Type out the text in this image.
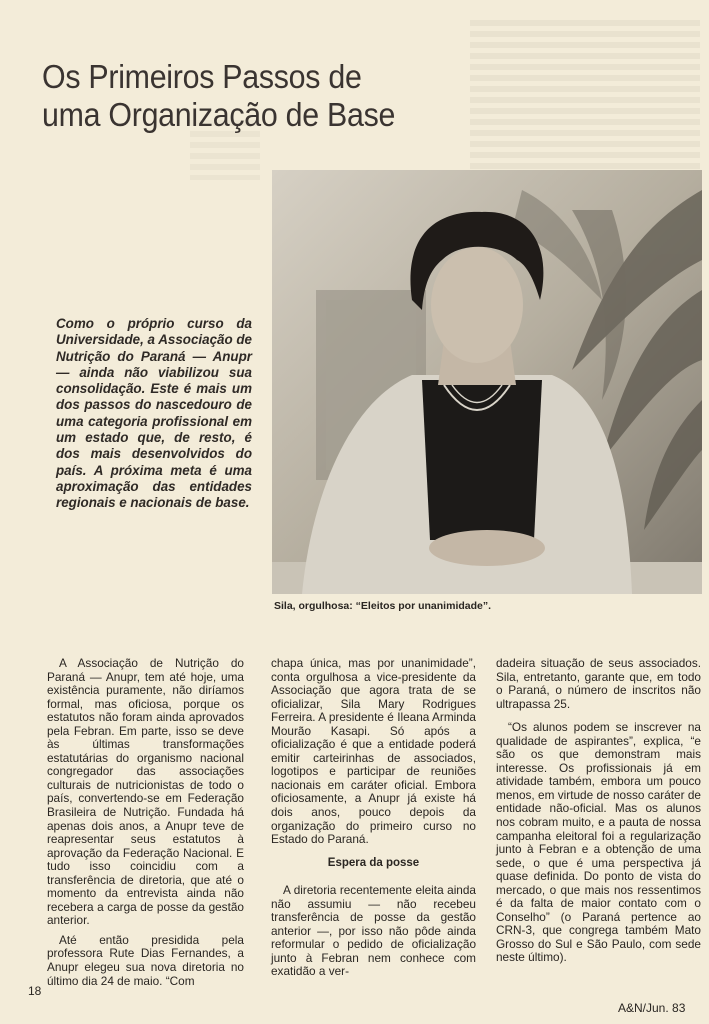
Os Primeiros Passos de
uma Organização de Base
Como o próprio curso da Universidade, a Associação de Nutrição do Paraná — Anupr — ainda não viabilizou sua consolidação. Este é mais um dos passos do nascedouro de uma categoria profissional em um estado que, de resto, é dos mais desenvolvidos do país. A próxima meta é uma aproximação das entidades regionais e nacionais de base.
Sila, orgulhosa: “Eleitos por unanimidade”.

A Associação de Nutrição do Paraná — Anupr, tem até hoje, uma existência puramente, não diríamos formal, mas oficiosa, porque os estatutos não foram ainda aprovados pela Febran. Em parte, isso se deve às últimas transformações estatutárias do organismo nacional congregador das associações culturais de nutricionistas de todo o país, convertendo-se em Federação Brasileira de Nutrição. Fundada há apenas dois anos, a Anupr teve de reapresentar seus estatutos à aprovação da Federação Nacional. E tudo isso coincidiu com a transferência de diretoria, que até o momento da entrevista ainda não recebera a carga de posse da gestão anterior.

Até então presidida pela professora Rute Dias Fernandes, a Anupr elegeu sua nova diretoria no último dia 24 de maio. “Com

chapa única, mas por unanimidade”, conta orgulhosa a vice-presidente da Associação que agora trata de se oficializar, Sila Mary Rodrigues Ferreira. A presidente é Ileana Arminda Mourão Kasapi. Só após a oficialização é que a entidade poderá emitir carteirinhas de associados, logotipos e participar de reuniões nacionais em caráter oficial. Embora oficiosamente, a Anupr já existe há dois anos, pouco depois da organização do primeiro curso no Estado do Paraná.

Espera da posse

A diretoria recentemente eleita ainda não assumiu — não recebeu transferência de posse da gestão anterior —, por isso não pôde ainda reformular o pedido de oficialização junto à Febran nem conhece com exatidão a ver-

dadeira situação de seus associados. Sila, entretanto, garante que, em todo o Paraná, o número de inscritos não ultrapassa 25.

“Os alunos podem se inscrever na qualidade de aspirantes”, explica, “e são os que demonstram mais interesse. Os profissionais já em atividade também, embora um pouco menos, em virtude de nosso caráter de entidade não-oficial. Mas os alunos nos cobram muito, e a pauta de nossa campanha eleitoral foi a regularização junto à Febran e a obtenção de uma sede, o que é uma perspectiva já quase definida. Do ponto de vista do mercado, o que mais nos ressentimos é da falta de maior contato com o Conselho” (o Paraná pertence ao CRN-3, que congrega também Mato Grosso do Sul e São Paulo, com sede neste último).

18
A&N/Jun. 83
